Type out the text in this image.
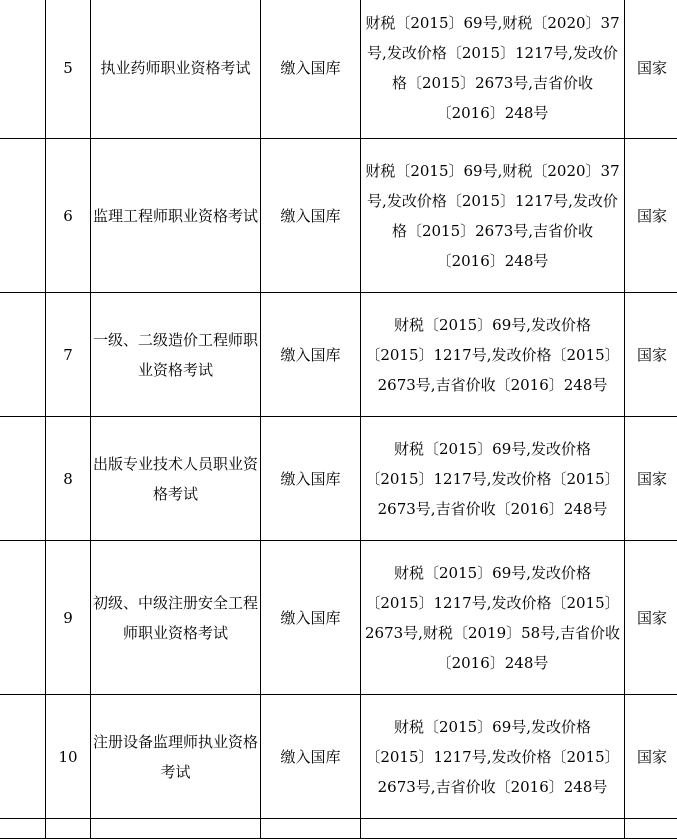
	5	执业药师职业资格考试	缴入国库	财税〔2015〕69号,财税〔2020〕37号,发改价格〔2015〕1217号,发改价格〔2015〕2673号,吉省价收〔2016〕248号	国家
	6	监理工程师职业资格考试	缴入国库	财税〔2015〕69号,财税〔2020〕37号,发改价格〔2015〕1217号,发改价格〔2015〕2673号,吉省价收〔2016〕248号	国家
	7	一级、二级造价工程师职业资格考试	缴入国库	财税〔2015〕69号,发改价格〔2015〕1217号,发改价格〔2015〕2673号,吉省价收〔2016〕248号	国家
	8	出版专业技术人员职业资格考试	缴入国库	财税〔2015〕69号,发改价格〔2015〕1217号,发改价格〔2015〕2673号,吉省价收〔2016〕248号	国家
	9	初级、中级注册安全工程师职业资格考试	缴入国库	财税〔2015〕69号,发改价格〔2015〕1217号,发改价格〔2015〕2673号,财税〔2019〕58号,吉省价收〔2016〕248号	国家
	10	注册设备监理师执业资格考试	缴入国库	财税〔2015〕69号,发改价格〔2015〕1217号,发改价格〔2015〕2673号,吉省价收〔2016〕248号	国家
